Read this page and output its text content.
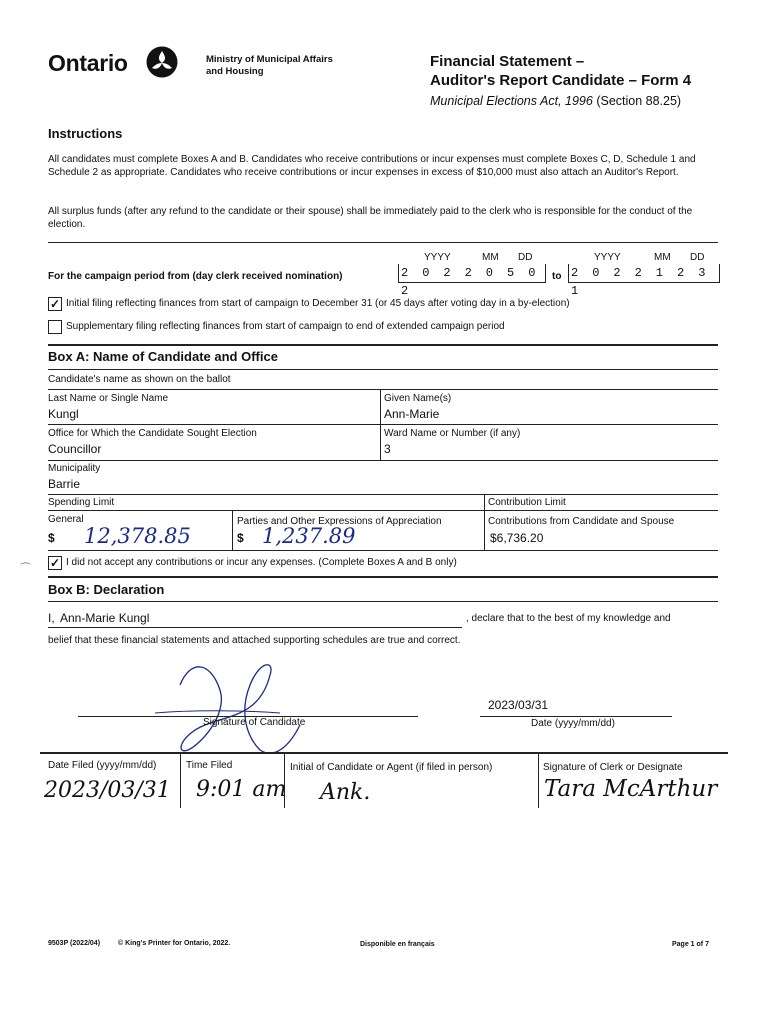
Ontario	Ministry of Municipal Affairs
and Housing
Financial Statement –
Auditor's Report Candidate – Form 4
Municipal Elections Act, 1996 (Section 88.25)
Instructions
All candidates must complete Boxes A and B. Candidates who receive contributions or incur expenses must complete Boxes C, D, Schedule 1 and Schedule 2 as appropriate. Candidates who receive contributions or incur expenses in excess of $10,000 must also attach an Auditor's Report.
All surplus funds (after any refund to the candidate or their spouse) shall be immediately paid to the clerk who is responsible for the conduct of the election.
YYYY	MM DD	YYYY	MM DD
For the campaign period from (day clerk received nomination)	2 0 2 2 0 5 0 2
to 2 0 2 2 1 2 3 1
✓ Initial filing reflecting finances from start of campaign to December 31 (or 45 days after voting day in a by-election)
Supplementary filing reflecting finances from start of campaign to end of extended campaign period
Box A: Name of Candidate and Office
Candidate's name as shown on the ballot
Last Name or Single Name
Kungl
Given Name(s)
Ann-Marie
Office for Which the Candidate Sought Election
Councillor
Ward Name or Number (if any)
3
Municipality
Barrie
Spending Limit	Contribution Limit
General	Parties and Other Expressions of Appreciation	Contributions from Candidate and Spouse
$ 12,378.85	$ 1,237.89	$6,736.20
⌒ ✓ I did not accept any contributions or incur any expenses. (Complete Boxes A and B only)
Box B: Declaration
I, Ann-Marie Kungl	, declare that to the best of my knowledge and
belief that these financial statements and attached supporting schedules are true and correct.
Signature of Candidate
2023/03/31
Date (yyyy/mm/dd)
Date Filed (yyyy/mm/dd)
2023/03/31
Time Filed
9:01 am
Initial of Candidate or Agent (if filed in person)
Ank.
Signature of Clerk or Designate
Tara McArthur
9503P (2022/04)	© King's Printer for Ontario, 2022.	Disponible en français	Page 1 of 7
